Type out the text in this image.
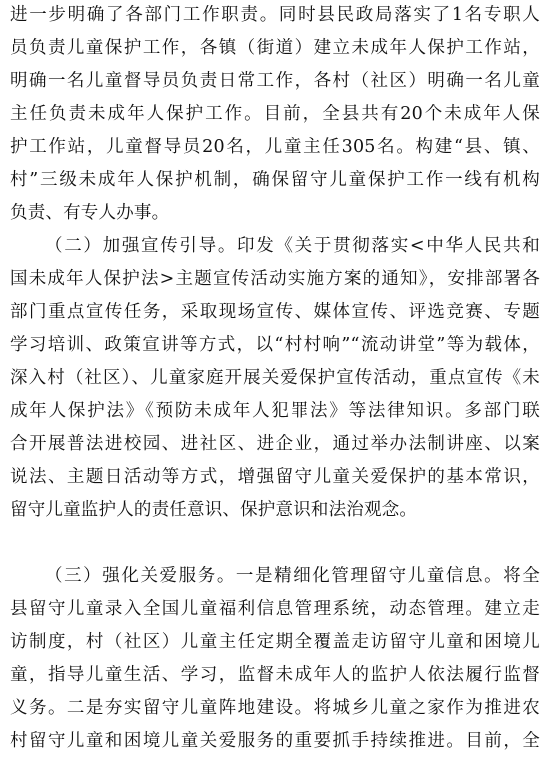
进一步明确了各部门工作职责。同时县民政局落实了1名专职人
员负责儿童保护工作，各镇（街道）建立未成年人保护工作站，
明确一名儿童督导员负责日常工作，各村（社区）明确一名儿童
主任负责未成年人保护工作。目前，全县共有20个未成年人保
护工作站，儿童督导员20名，儿童主任305名。构建“县、镇、
村”三级未成年人保护机制，确保留守儿童保护工作一线有机构
负责、有专人办事。
（二）加强宣传引导。印发《关于贯彻落实<中华人民共和
国未成年人保护法>主题宣传活动实施方案的通知》，安排部署各
部门重点宣传任务，采取现场宣传、媒体宣传、评选竞赛、专题
学习培训、政策宣讲等方式，以“村村响”“流动讲堂”等为载体，
深入村（社区）、儿童家庭开展关爱保护宣传活动，重点宣传《未
成年人保护法》《预防未成年人犯罪法》等法律知识。多部门联
合开展普法进校园、进社区、进企业，通过举办法制讲座、以案
说法、主题日活动等方式，增强留守儿童关爱保护的基本常识，
留守儿童监护人的责任意识、保护意识和法治观念。
（三）强化关爱服务。一是精细化管理留守儿童信息。将全
县留守儿童录入全国儿童福利信息管理系统，动态管理。建立走
访制度，村（社区）儿童主任定期全覆盖走访留守儿童和困境儿
童，指导儿童生活、学习，监督未成年人的监护人依法履行监督
义务。二是夯实留守儿童阵地建设。将城乡儿童之家作为推进农
村留守儿童和困境儿童关爱服务的重要抓手持续推进。目前，全
